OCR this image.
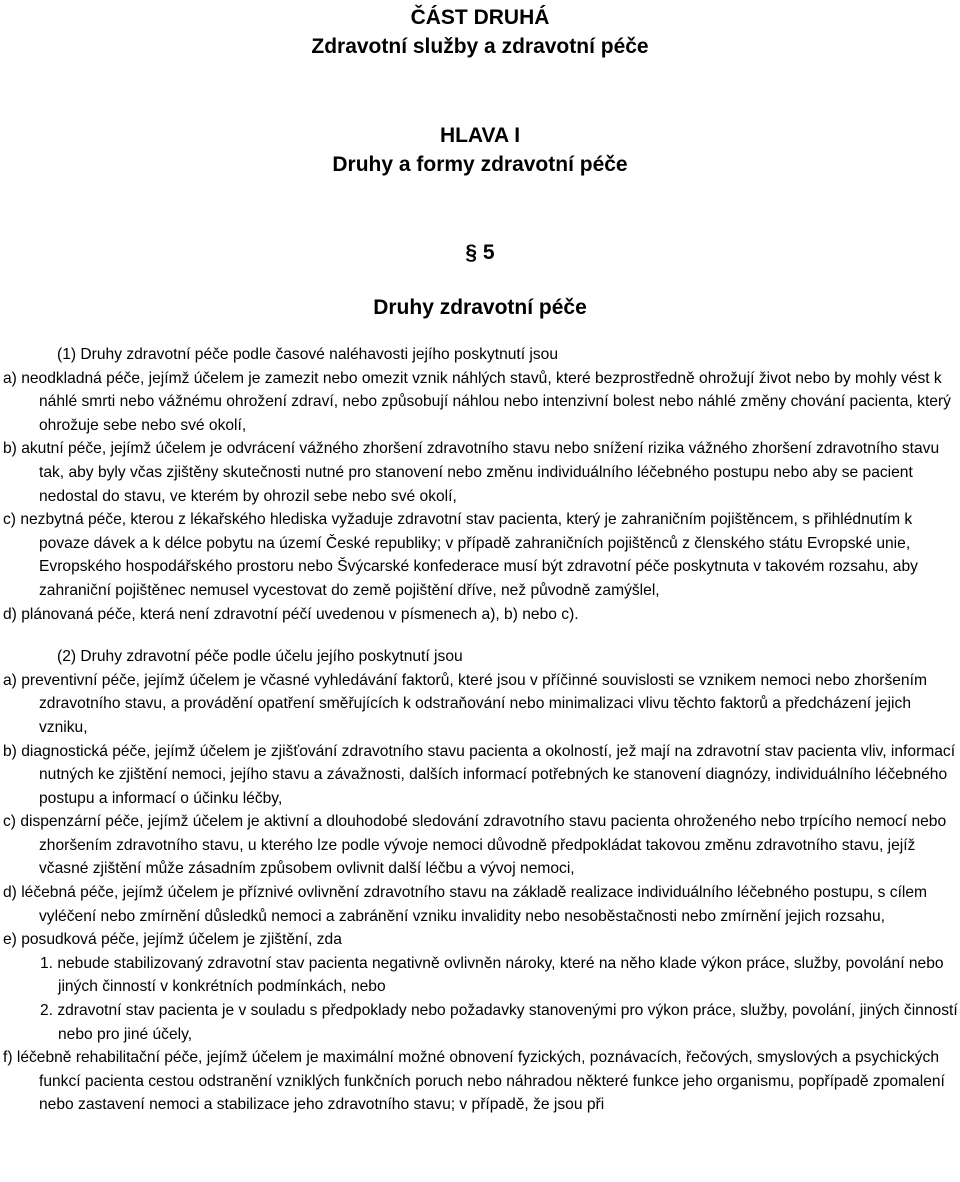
ČÁST DRUHÁ
Zdravotní služby a zdravotní péče
HLAVA I
Druhy a formy zdravotní péče
§ 5
Druhy zdravotní péče
(1) Druhy zdravotní péče podle časové naléhavosti jejího poskytnutí jsou
a) neodkladná péče, jejímž účelem je zamezit nebo omezit vznik náhlých stavů, které bezprostředně ohrožují život nebo by mohly vést k náhlé smrti nebo vážnému ohrožení zdraví, nebo způsobují náhlou nebo intenzivní bolest nebo náhlé změny chování pacienta, který ohrožuje sebe nebo své okolí,
b) akutní péče, jejímž účelem je odvrácení vážného zhoršení zdravotního stavu nebo snížení rizika vážného zhoršení zdravotního stavu tak, aby byly včas zjištěny skutečnosti nutné pro stanovení nebo změnu individuálního léčebného postupu nebo aby se pacient nedostal do stavu, ve kterém by ohrozil sebe nebo své okolí,
c) nezbytná péče, kterou z lékařského hlediska vyžaduje zdravotní stav pacienta, který je zahraničním pojištěncem, s přihlédnutím k povaze dávek a k délce pobytu na území České republiky; v případě zahraničních pojištěnců z členského státu Evropské unie, Evropského hospodářského prostoru nebo Švýcarské konfederace musí být zdravotní péče poskytnuta v takovém rozsahu, aby zahraniční pojištěnec nemusel vycestovat do země pojištění dříve, než původně zamýšlel,
d) plánovaná péče, která není zdravotní péčí uvedenou v písmenech a), b) nebo c).
(2) Druhy zdravotní péče podle účelu jejího poskytnutí jsou
a) preventivní péče, jejímž účelem je včasné vyhledávání faktorů, které jsou v příčinné souvislosti se vznikem nemoci nebo zhoršením zdravotního stavu, a provádění opatření směřujících k odstraňování nebo minimalizaci vlivu těchto faktorů a předcházení jejich vzniku,
b) diagnostická péče, jejímž účelem je zjišťování zdravotního stavu pacienta a okolností, jež mají na zdravotní stav pacienta vliv, informací nutných ke zjištění nemoci, jejího stavu a závažnosti, dalších informací potřebných ke stanovení diagnózy, individuálního léčebného postupu a informací o účinku léčby,
c) dispenzární péče, jejímž účelem je aktivní a dlouhodobé sledování zdravotního stavu pacienta ohroženého nebo trpícího nemocí nebo zhoršením zdravotního stavu, u kterého lze podle vývoje nemoci důvodně předpokládat takovou změnu zdravotního stavu, jejíž včasné zjištění může zásadním způsobem ovlivnit další léčbu a vývoj nemoci,
d) léčebná péče, jejímž účelem je příznivé ovlivnění zdravotního stavu na základě realizace individuálního léčebného postupu, s cílem vyléčení nebo zmírnění důsledků nemoci a zabránění vzniku invalidity nebo nesoběstačnosti nebo zmírnění jejich rozsahu,
e) posudková péče, jejímž účelem je zjištění, zda
1. nebude stabilizovaný zdravotní stav pacienta negativně ovlivněn nároky, které na něho klade výkon práce, služby, povolání nebo jiných činností v konkrétních podmínkách, nebo
2. zdravotní stav pacienta je v souladu s předpoklady nebo požadavky stanovenými pro výkon práce, služby, povolání, jiných činností nebo pro jiné účely,
f) léčebně rehabilitační péče, jejímž účelem je maximální možné obnovení fyzických, poznávacích, řečových, smyslových a psychických funkcí pacienta cestou odstranění vzniklých funkčních poruch nebo náhradou některé funkce jeho organismu, popřípadě zpomalení nebo zastavení nemoci a stabilizace jeho zdravotního stavu; v případě, že jsou při
